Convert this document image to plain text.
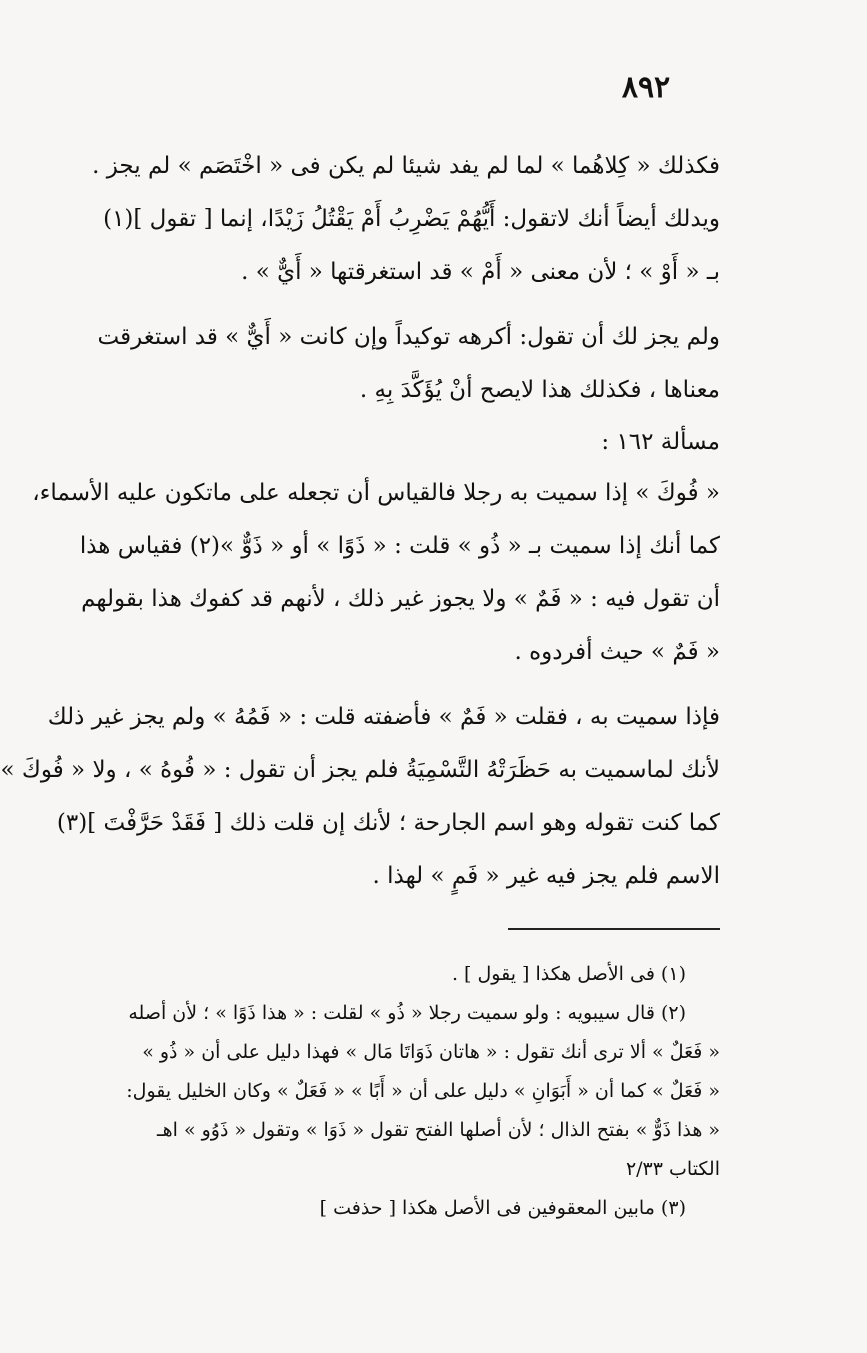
٨٩٢

فكذلك « كِلاهُما » لما لم يفد شيئا لم يكن فى « اخْتَصَم » لم يجز .
ويدلك أيضاً أنك لاتقول: أَيُّهُمْ يَضْرِبُ أَمْ يَقْتُلُ زَيْدًا، إنما [ تقول ](١)
بـ « أَوْ » ؛ لأن معنى « أَمْ » قد استغرقتها « أَيٌّ » .

ولم يجز لك أن تقول: أكرهه توكيداً وإن كانت « أَيٌّ » قد استغرقت
معناها ، فكذلك هذا لايصح أنْ يُؤَكَّدَ بِهِ .

مسألة ١٦٢ :

« فُوكَ » إذا سميت به رجلا فالقياس أن تجعله على ماتكون عليه الأسماء،
كما أنك إذا سميت بـ « ذُو » قلت : « ذَوًا » أو « ذَوٌّ »(٢) فقياس هذا
أن تقول فيه : « فَمٌ » ولا يجوز غير ذلك ، لأنهم قد كفوك هذا بقولهم
« فَمٌ » حيث أفردوه .

فإذا سميت به ، فقلت « فَمٌ » فأضفته قلت : « فَمُهُ » ولم يجز غير ذلك
لأنك لماسميت به حَظَرَتْهُ التَّسْمِيَةُ فلم يجز أن تقول : « فُوهُ » ، ولا « فُوكَ »
كما كنت تقوله وهو اسم الجارحة ؛ لأنك إن قلت ذلك [ فَقَدْ حَرَّفْتَ ](٣)
الاسم فلم يجز فيه غير « فَمٍ » لهذا .

(١) فى الأصل هكذا [ يقول ] .

(٢) قال سيبويه : ولو سميت رجلا « ذُو » لقلت : « هذا ذَوًا » ؛ لأن أصله
« فَعَلٌ » ألا ترى أنك تقول : « هاتان ذَوَاتَا مَال » فهذا دليل على أن « ذُو »
« فَعَلٌ » كما أن « أَبَوَانِ » دليل على أن « أَبًا » « فَعَلٌ » وكان الخليل يقول:
« هذا ذَوٌّ » بفتح الذال ؛ لأن أصلها الفتح تقول « ذَوَا » وتقول « ذَوُو » اهـ
الكتاب ٢/٣٣

(٣) مابين المعقوفين فى الأصل هكذا [ حذفت ]
